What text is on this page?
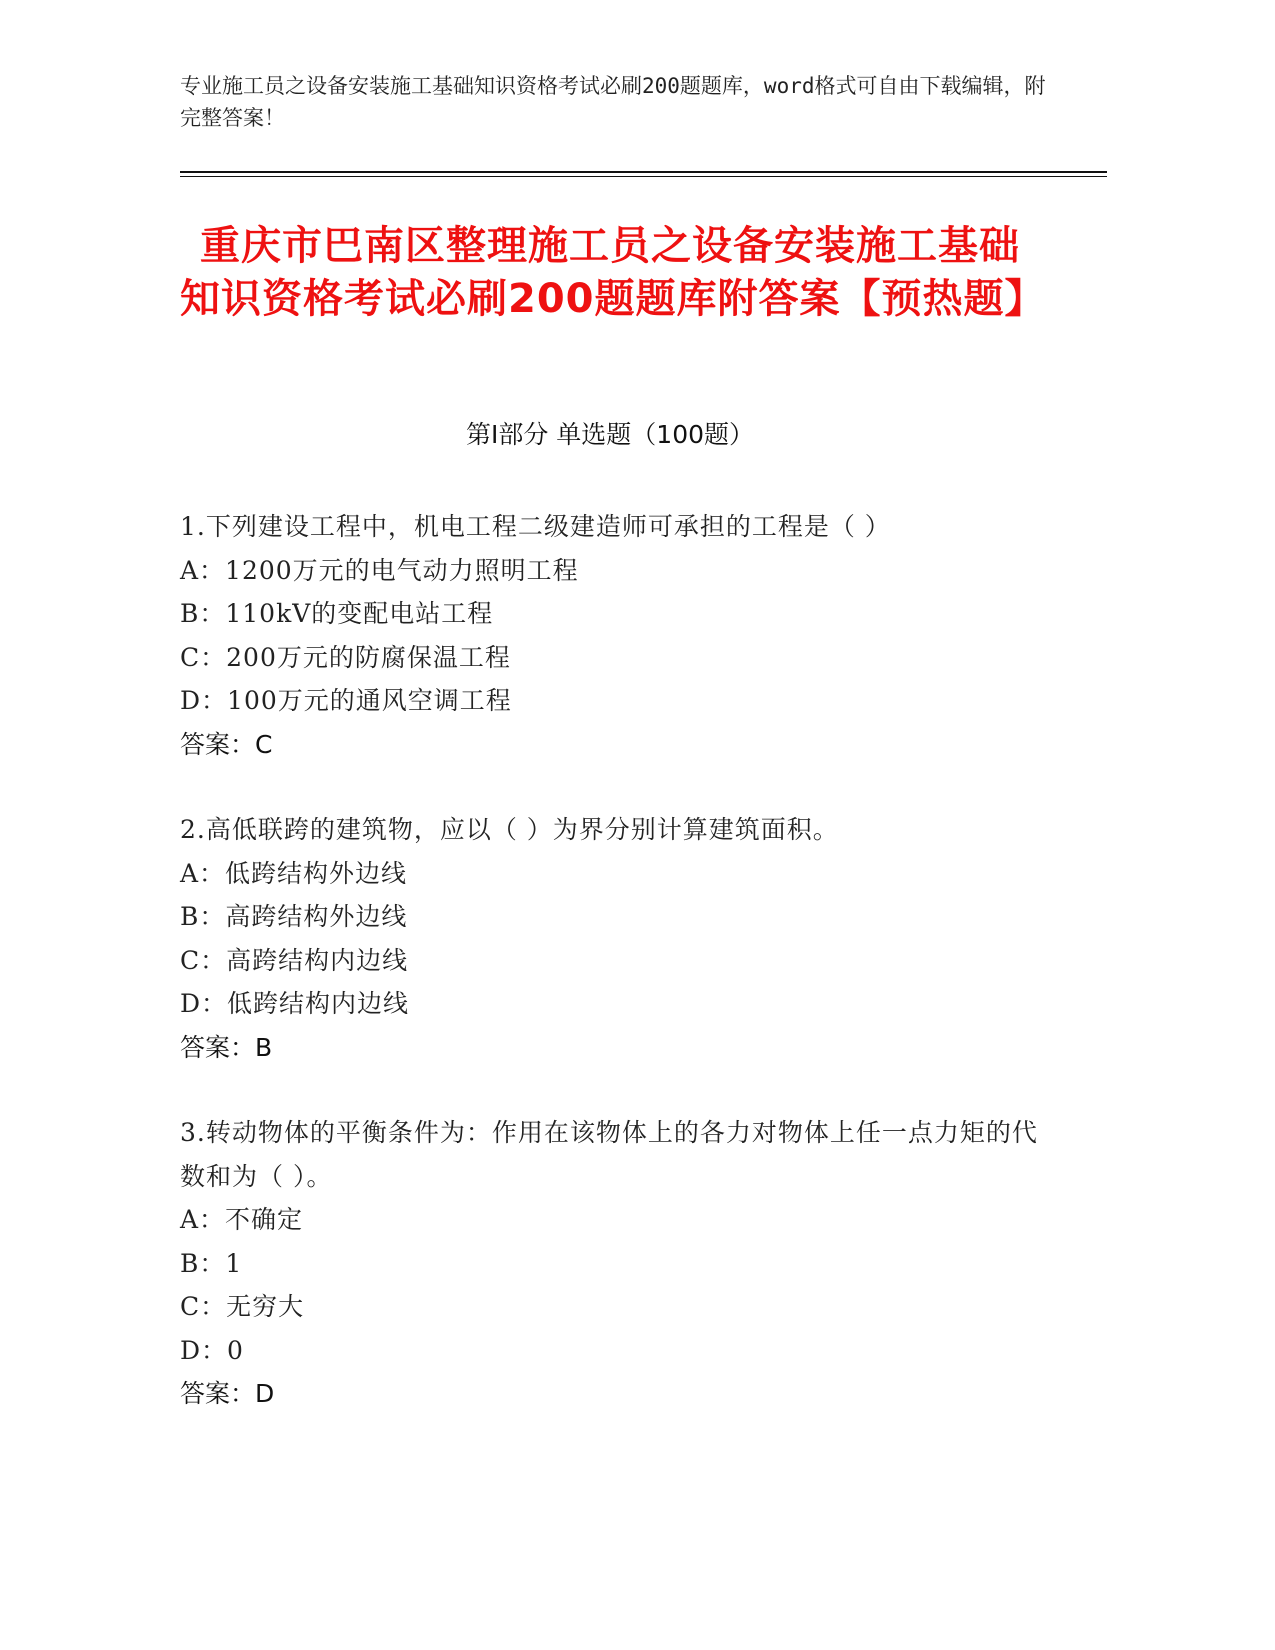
专业施工员之设备安装施工基础知识资格考试必刷200题题库，word格式可自由下载编辑，附完整答案！
重庆市巴南区整理施工员之设备安装施工基础知识资格考试必刷200题题库附答案【预热题】
第Ⅰ部分 单选题（100题）
1.下列建设工程中，机电工程二级建造师可承担的工程是（ ）
A：1200万元的电气动力照明工程
B：110kV的变配电站工程
C：200万元的防腐保温工程
D：100万元的通风空调工程
答案：C
2.高低联跨的建筑物，应以（ ）为界分别计算建筑面积。
A：低跨结构外边线
B：高跨结构外边线
C：高跨结构内边线
D：低跨结构内边线
答案：B
3.转动物体的平衡条件为：作用在该物体上的各力对物体上任一点力矩的代数和为（ ）。
A：不确定
B：1
C：无穷大
D：0
答案：D
